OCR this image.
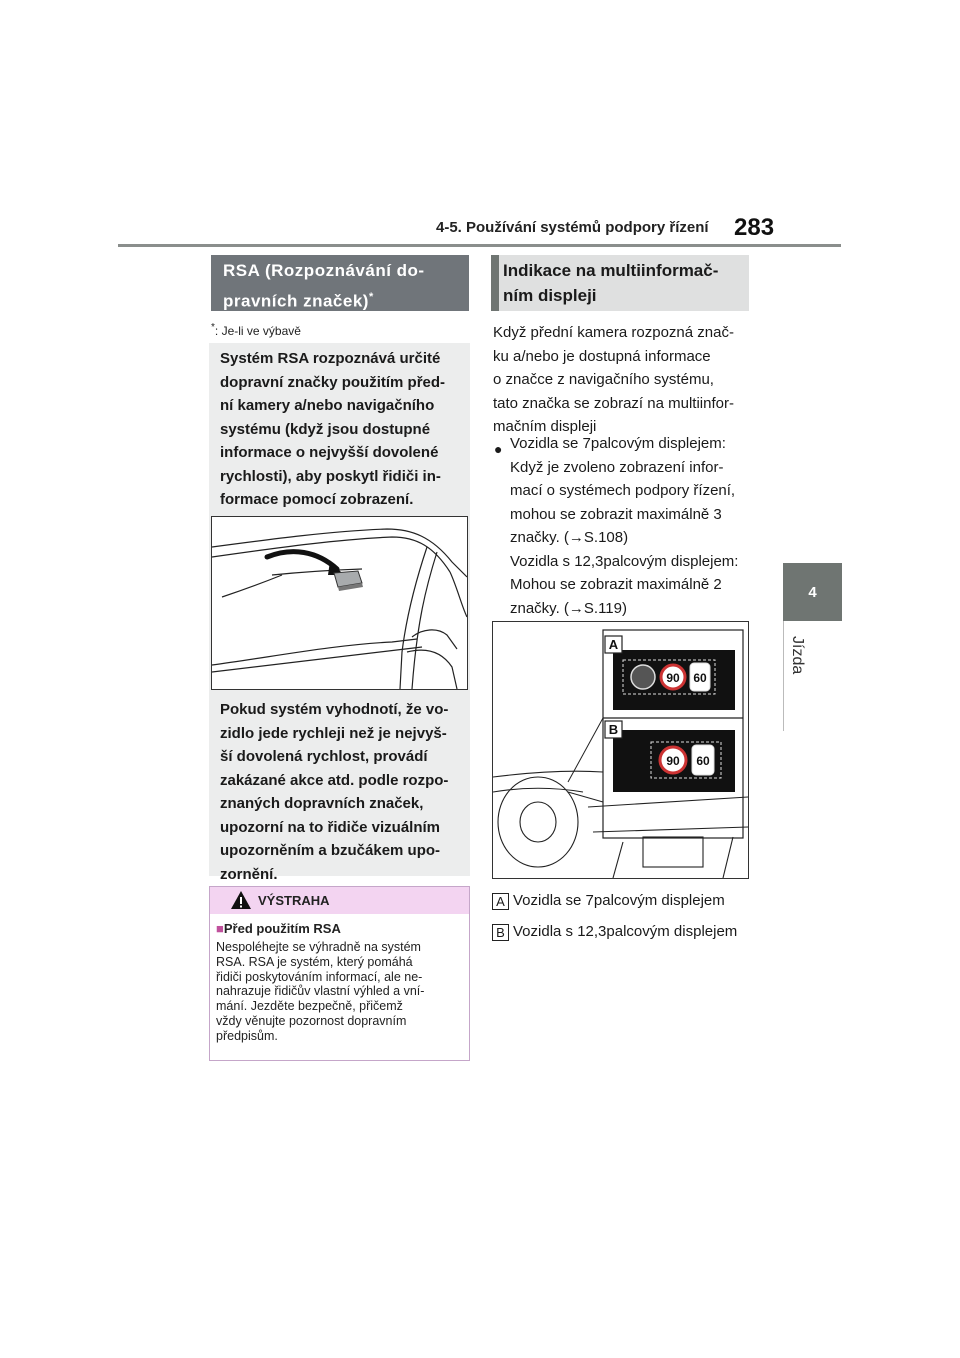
4-5. Používání systémů podpory řízení 283
4
Jízda
RSA (Rozpoznávání do-
pravních značek)*
*: Je-li ve výbavě
Systém RSA rozpoznává určité
dopravní značky použitím před-
ní kamery a/nebo navigačního
systému (když jsou dostupné
informace o nejvyšší dovolené
rychlosti), aby poskytl řidiči in-
formace pomocí zobrazení.
Pokud systém vyhodnotí, že vo-
zidlo jede rychleji než je nejvyš-
ší dovolená rychlost, provádí
zakázané akce atd. podle rozpo-
znaných dopravních značek,
upozorní na to řidiče vizuálním
upozorněním a bzučákem upo-
zornění.
VÝSTRAHA
■Před použitím RSA
Nespoléhejte se výhradně na systém
RSA. RSA je systém, který pomáhá
řidiči poskytováním informací, ale ne-
nahrazuje řidičův vlastní výhled a vní-
mání. Jezděte bezpečně, přičemž
vždy věnujte pozornost dopravním
předpisům.
Indikace na multiinformač-
ním displeji
Když přední kamera rozpozná znač-
ku a/nebo je dostupná informace
o značce z navigačního systému,
tato značka se zobrazí na multiinfor-
mačním displeji
● Vozidla se 7palcovým displejem:
Když je zvoleno zobrazení infor-
mací o systémech podpory řízení,
mohou se zobrazit maximálně 3
značky. (→S.108)
Vozidla s 12,3palcovým displejem:
Mohou se zobrazit maximálně 2
značky. (→S.119)
90 60
90 60
A
B
A Vozidla se 7palcovým displejem
B Vozidla s 12,3palcovým displejem
